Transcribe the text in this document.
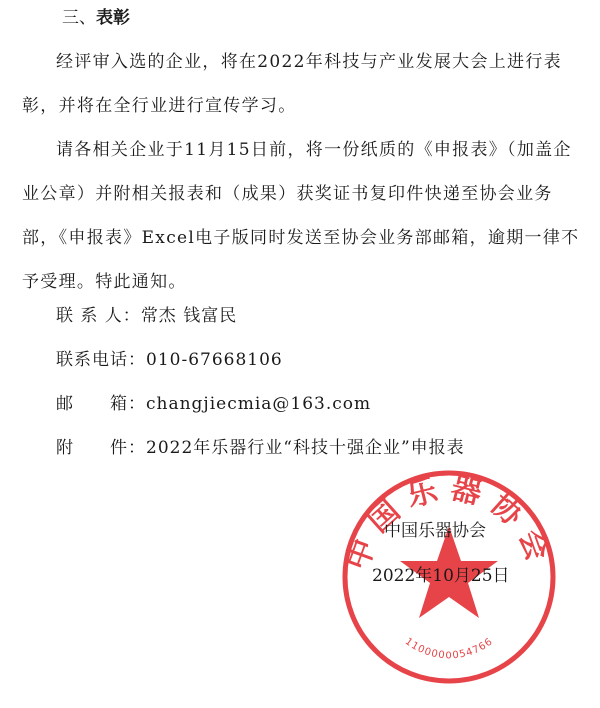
三、表彰

经评审入选的企业，将在2022年科技与产业发展大会上进行表彰，并将在全行业进行宣传学习。

请各相关企业于11月15日前，将一份纸质的《申报表》（加盖企业公章）并附相关报表和（成果）获奖证书复印件快递至协会业务部，《申报表》Excel电子版同时发送至协会业务部邮箱，逾期一律不予受理。特此通知。

联 系 人：常杰 钱富民
联系电话：010-67668106
邮　　箱：changjiecmia@163.com
附　　件：2022年乐器行业“科技十强企业”申报表
中国乐器协会
1100000054766
中国乐器协会
2022年10月25日
